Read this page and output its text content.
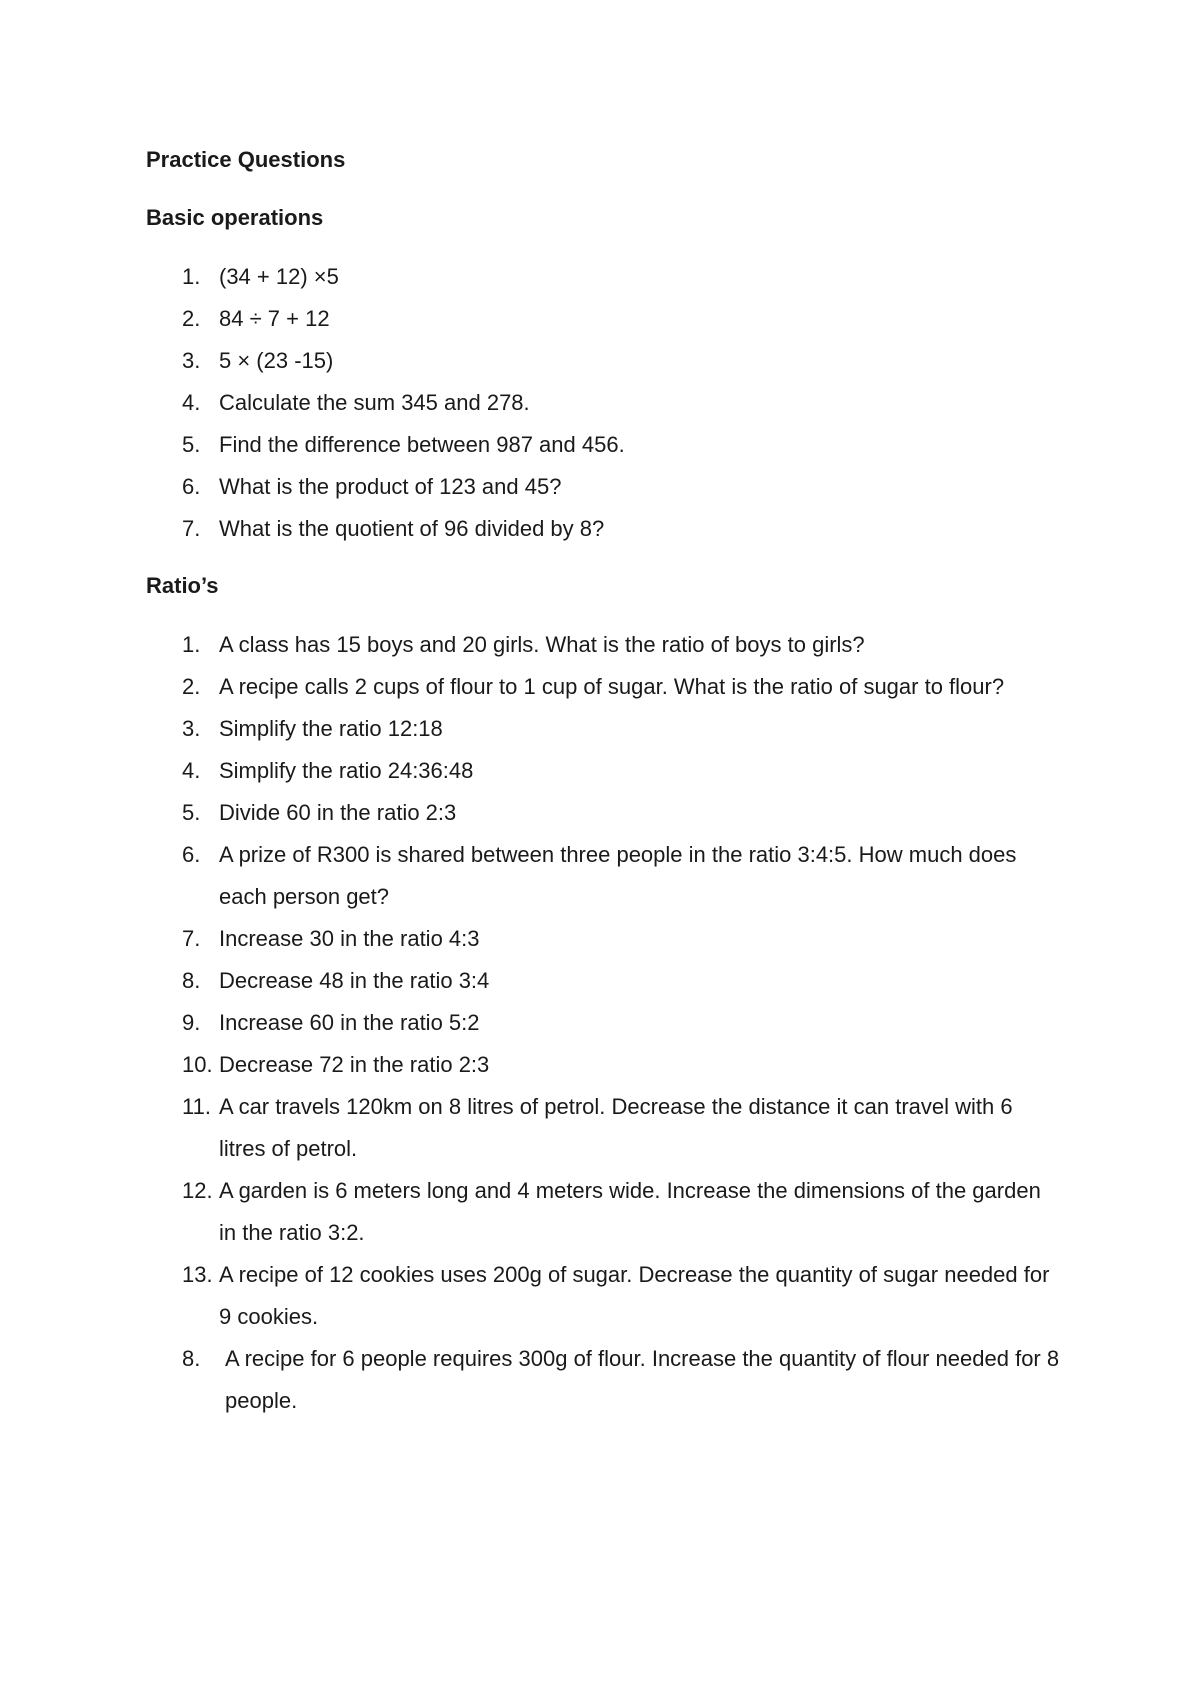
Practice Questions
Basic operations
1. (34 + 12) ×5
2. 84 ÷ 7 + 12
3. 5 × (23 -15)
4. Calculate the sum 345 and 278.
5. Find the difference between 987 and 456.
6. What is the product of 123 and 45?
7. What is the quotient of 96 divided by 8?
Ratio’s
1. A class has 15 boys and 20 girls. What is the ratio of boys to girls?
2. A recipe calls 2 cups of flour to 1 cup of sugar. What is the ratio of sugar to flour?
3. Simplify the ratio 12:18
4. Simplify the ratio 24:36:48
5. Divide 60 in the ratio 2:3
6. A prize of R300 is shared between three people in the ratio 3:4:5. How much does each person get?
7. Increase 30 in the ratio 4:3
8. Decrease 48 in the ratio 3:4
9. Increase 60 in the ratio 5:2
10. Decrease 72 in the ratio 2:3
11. A car travels 120km on 8 litres of petrol. Decrease the distance it can travel with 6 litres of petrol.
12. A garden is 6 meters long and 4 meters wide. Increase the dimensions of the garden in the ratio 3:2.
13. A recipe of 12 cookies uses 200g of sugar. Decrease the quantity of sugar needed for 9 cookies.
8.	A recipe for 6 people requires 300g of flour. Increase the quantity of flour needed for 8 people.
